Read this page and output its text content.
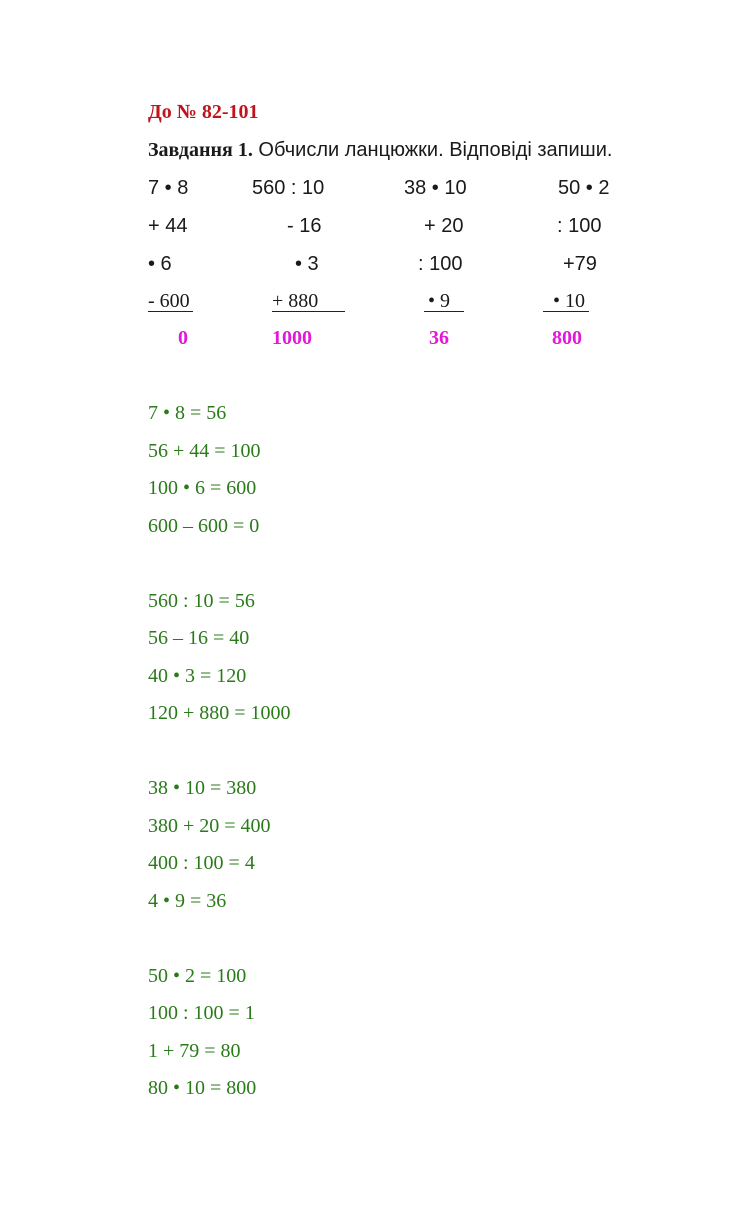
До № 82-101
Завдання 1. Обчисли ланцюжки. Відповіді запиши.
7 • 8
+ 44
• 6
- 600
0
560 : 10
- 16
• 3
+ 880
1000
38 • 10
+ 20
: 100
• 9
36
50 • 2
: 100
+79
• 10
800
7 • 8 = 56
56 + 44 = 100
100 • 6 = 600
600 – 600 = 0
560 : 10 = 56
56 – 16 = 40
40 • 3 = 120
120 + 880 = 1000
38 • 10 = 380
380 + 20 = 400
400 : 100 = 4
4 • 9 = 36
50 • 2 = 100
100 : 100 = 1
1 + 79 = 80
80 • 10 = 800
